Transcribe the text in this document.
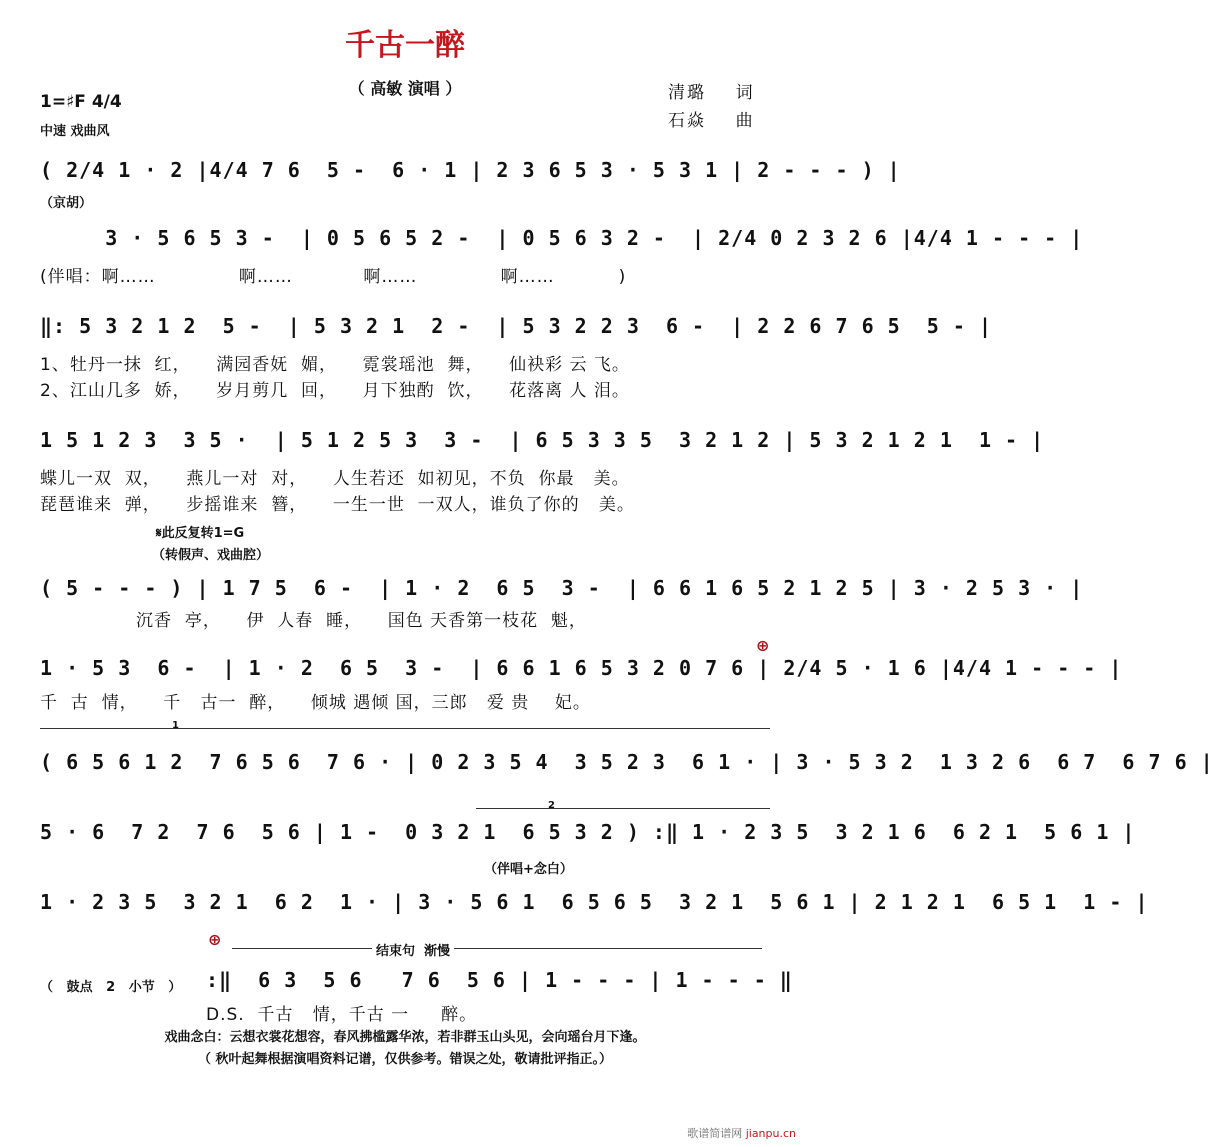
千古一醉
（ 高敏 演唱 ）
1=♯F 4/4
中速 戏曲风
清璐    词
石焱    曲
( 2/4 1 · 2 |4/4 7 6  5 -  6 · 1 | 2 3 6 5 3 · 5 3 1 | 2 - - - ) |
（京胡）
3 · 5 6 5 3 -  | 0 5 6 5 2 -  | 0 5 6 3 2 -  | 2/4 0 2 3 2 6 |4/4 1 - - - |
(伴唱：啊……             啊……           啊……             啊……          )
‖: 5 3 2 1 2  5 -  | 5 3 2 1  2 -  | 5 3 2 2 3  6 -  | 2 2 6 7 6 5  5 - |
1、牡丹一抹  红，    满园香妩  媚，    霓裳瑶池  舞，    仙袂彩 云 飞。
2、江山几多  娇，    岁月剪几  回，    月下独酌  饮，    花落离 人 泪。
1 5 1 2 3  3 5 ·  | 5 1 2 5 3  3 -  | 6 5 3 3 5  3 2 1 2 | 5 3 2 1 2 1  1 - |
蝶儿一双  双，    燕儿一对  对，    人生若还  如初见，不负  你最   美。
琵琶谁来  弹，    步摇谁来  簪，    一生一世  一双人，谁负了你的   美。
𝄋此反复转1=G
（转假声、戏曲腔）
( 5 - - - ) | 1 7 5  6 -  | 1 · 2  6 5  3 -  | 6 6 1 6 5 2 1 2 5 | 3 · 2 5 3 · |
沉香  亭，    伊  人春  睡，    国色 天香第一枝花  魁，
⊕
1 · 5 3  6 -  | 1 · 2  6 5  3 -  | 6 6 1 6 5 3 2 0 7 6 | 2/4 5 · 1 6 |4/4 1 - - - |
千  古  情，    千   古一  醉，    倾城 遇倾 国，三郎   爱 贵    妃。
1
( 6 5 6 1 2  7 6 5 6  7 6 · | 0 2 3 5 4  3 5 2 3  6 1 · | 3 · 5 3 2  1 3 2 6  6 7  6 7 6 |
2
5 · 6  7 2  7 6  5 6 | 1 -  0 3 2 1  6 5 3 2 ) :‖ 1 · 2 3 5  3 2 1 6  6 2 1  5 6 1 |
（伴唱+念白）
1 · 2 3 5  3 2 1  6 2  1 · | 3 · 5 6 1  6 5 6 5  3 2 1  5 6 1 | 2 1 2 1  6 5 1  1 - |
⊕
结束句  渐慢
（   鼓点   2   小节   ） :‖  6 3  5 6   7 6  5 6 | 1 - - - | 1 - - - ‖
D.S.  千古   情，千古 一     醉。
戏曲念白：云想衣裳花想容，春风拂槛露华浓，若非群玉山头见，会向瑶台月下逢。
（ 秋叶起舞根据演唱资料记谱，仅供参考。错误之处，敬请批评指正。）
歌谱简谱网 jianpu.cn
